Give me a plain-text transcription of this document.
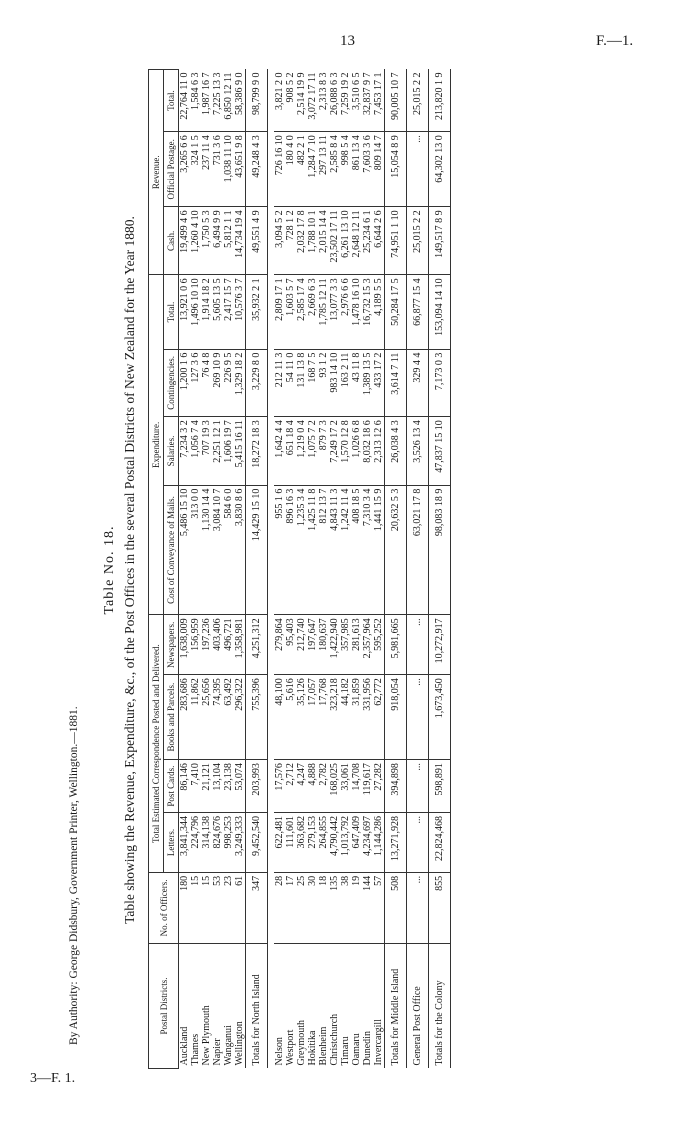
13	F.—1.
3—F. 1.
By Authority: George Didsbury, Government Printer, Wellington.—1881.
Table No. 18. Table showing the Revenue, Expenditure, &c., of the Post Offices in the several Postal Districts of New Zealand for the Year 1880.
Postal Districts.	No. of Officers.	Total Estimated Correspondence Posted and Delivered.				Expenditure.				Revenue.		
		Letters.	Post Cards.	Books and Parcels.	Newspapers.	Cost of Conveyance of Mails.	Salaries.	Contingencies.	Total.	Cash.	Official Postage.	Total.
Auckland	180	3,841,344	86,146	283,686	1,638,009	5,486 15 10	7,234 3 2	1,200 1 6	13,921 0 6	19,499 4 6	3,265 6 6	22,764 11 0
Thames	15	224,796	7,410	11,862	156,959	313 0 0	1,056 7 4	127 3 6	1,496 10 10	1,260 4 10	324 1 5	1,584 6 3
New Plymouth	15	314,138	21,121	25,656	197,236	1,130 14 4	707 19 3	76 4 8	1,914 18 2	1,750 5 3	237 11 4	1,987 16 7
Napier	53	824,676	13,104	74,395	403,406	3,084 10 7	2,251 12 1	269 10 9	5,605 13 5	6,494 9 9	731 3 6	7,225 13 3
Wanganui	23	998,253	23,138	63,492	496,721	584 6 0	1,606 19 7	226 9 5	2,417 15 7	5,812 1 1	1,038 11 10	6,850 12 11
Wellington	61	3,249,333	53,074	296,322	1,358,981	3,830 8 6	5,415 16 11	1,329 18 2	10,576 3 7	14,734 19 4	43,651 9 8	58,386 9 0
Totals for North Island	347	9,452,540	203,993	755,396	4,251,312	14,429 15 10	18,272 18 3	3,229 8 0	35,932 2 1	49,551 4 9	49,248 4 3	98,799 9 0

Nelson	28	622,481	17,576	48,100	279,864	955 1 6	1,642 4 4	212 11 3	2,809 17 1	3,094 5 2	726 16 10	3,821 2 0
Westport	17	111,601	2,712	5,616	95,403	896 16 3	651 18 4	54 11 0	1,603 5 7	728 1 2	180 4 0	908 5 2
Greymouth	25	363,682	4,247	35,126	212,740	1,235 3 4	1,219 0 4	131 13 8	2,585 17 4	2,032 17 8	482 2 1	2,514 19 9
Hokitika	30	279,153	4,888	17,057	197,647	1,425 11 8	1,075 7 2	168 7 5	2,669 6 3	1,788 10 1	1,284 7 10	3,072 17 11
Blenheim	18	264,855	2,782	17,768	180,637	812 13 7	879 7 3	93 1 2	1,785 12 11	2,015 14 4	297 13 11	2,313 8 3
Christchurch	135	4,790,442	168,025	323,218	1,422,940	4,843 11 3	7,249 17 2	983 14 10	13,077 3 3	23,502 17 11	2,585 8 4	26,088 6 3
Timaru	38	1,013,792	33,061	44,182	357,985	1,242 11 4	1,570 12 8	163 2 11	2,976 6 6	6,261 13 10	998 5 4	7,259 19 2
Oamaru	19	647,409	14,708	31,859	281,613	408 18 5	1,026 6 8	43 11 8	1,478 16 10	2,648 12 11	861 13 4	3,510 6 5
Dunedin	144	4,234,697	119,617	331,956	2,357,964	7,310 3 4	8,032 18 6	1,389 13 5	16,732 15 3	25,234 6 1	7,603 3 6	32,837 9 7
Invercargill	57	1,144,286	27,282	62,772	595,252	1,441 15 9	2,313 12 6	433 17 2	4,189 5 5	6,644 2 6	809 14 7	7,453 17 1
Totals for Middle Island	508	13,271,928	394,898	918,054	5,981,665	20,632 5 3	26,038 4 3	3,614 7 11	50,284 17 5	74,951 1 10	15,054 8 9	90,005 10 7
General Post Office	...	...	...	...	...	63,021 17 8	3,526 13 4	329 4 4	66,877 15 4	25,015 2 2	...	25,015 2 2
Totals for the Colony	855	22,824,468	598,891	1,673,450	10,272,917	98,083 18 9	47,837 15 10	7,173 0 3	153,094 14 10	149,517 8 9	64,302 13 0	213,820 1 9
